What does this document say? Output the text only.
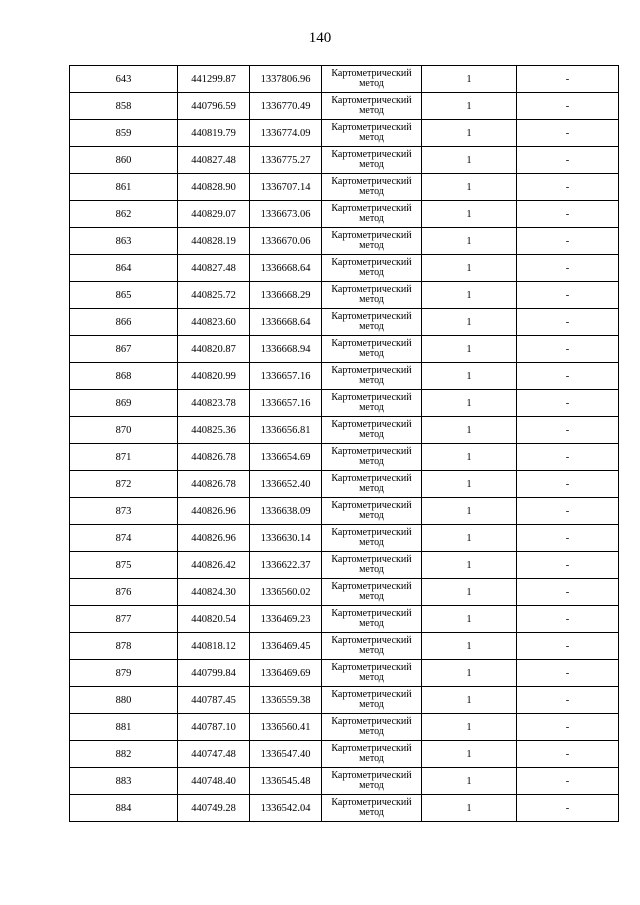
140
643	441299.87	1337806.96	Картометрический метод	1	-
858	440796.59	1336770.49	Картометрический метод	1	-
859	440819.79	1336774.09	Картометрический метод	1	-
860	440827.48	1336775.27	Картометрический метод	1	-
861	440828.90	1336707.14	Картометрический метод	1	-
862	440829.07	1336673.06	Картометрический метод	1	-
863	440828.19	1336670.06	Картометрический метод	1	-
864	440827.48	1336668.64	Картометрический метод	1	-
865	440825.72	1336668.29	Картометрический метод	1	-
866	440823.60	1336668.64	Картометрический метод	1	-
867	440820.87	1336668.94	Картометрический метод	1	-
868	440820.99	1336657.16	Картометрический метод	1	-
869	440823.78	1336657.16	Картометрический метод	1	-
870	440825.36	1336656.81	Картометрический метод	1	-
871	440826.78	1336654.69	Картометрический метод	1	-
872	440826.78	1336652.40	Картометрический метод	1	-
873	440826.96	1336638.09	Картометрический метод	1	-
874	440826.96	1336630.14	Картометрический метод	1	-
875	440826.42	1336622.37	Картометрический метод	1	-
876	440824.30	1336560.02	Картометрический метод	1	-
877	440820.54	1336469.23	Картометрический метод	1	-
878	440818.12	1336469.45	Картометрический метод	1	-
879	440799.84	1336469.69	Картометрический метод	1	-
880	440787.45	1336559.38	Картометрический метод	1	-
881	440787.10	1336560.41	Картометрический метод	1	-
882	440747.48	1336547.40	Картометрический метод	1	-
883	440748.40	1336545.48	Картометрический метод	1	-
884	440749.28	1336542.04	Картометрический метод	1	-
